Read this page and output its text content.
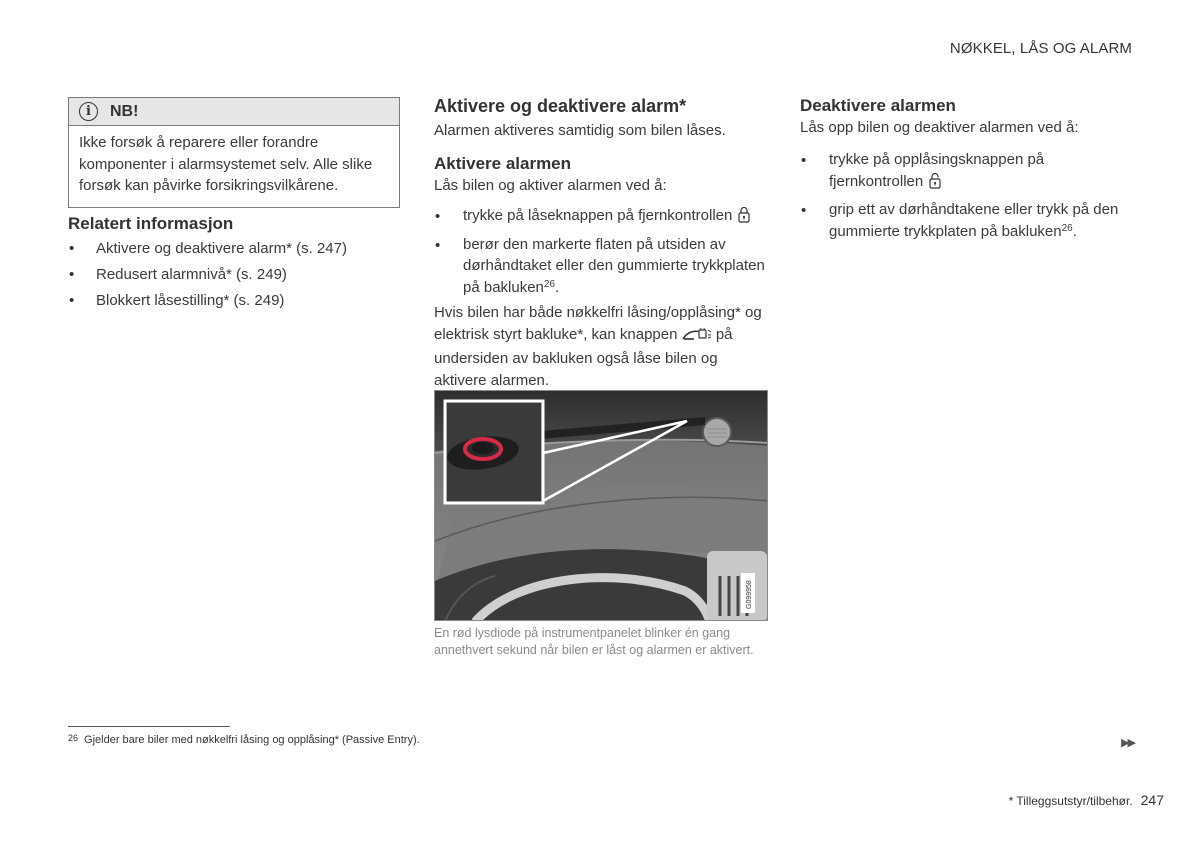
NØKKEL, LÅS OG ALARM
i	NB!
Ikke forsøk å reparere eller forandre komponenter i alarmsystemet selv. Alle slike forsøk kan påvirke forsikringsvilkårene.
Relatert informasjon
• Aktivere og deaktivere alarm* (s. 247)
• Redusert alarmnivå* (s. 249)
• Blokkert låsestilling* (s. 249)
Aktivere og deaktivere alarm*
Alarmen aktiveres samtidig som bilen låses.
Aktivere alarmen
Lås bilen og aktiver alarmen ved å:
• trykke på låseknappen på fjernkontrollen
• berør den markerte flaten på utsiden av dørhåndtaket eller den gummierte trykkplaten på bakluken$^{26}$.
Hvis bilen har både nøkkelfri låsing/opplåsing* og elektrisk styrt bakluke*, kan knappen	på undersiden av bakluken også låse bilen og aktivere alarmen.
G099958
En rød lysdiode på instrumentpanelet blinker én gang annethvert sekund når bilen er låst og alarmen er aktivert.
Deaktivere alarmen
Lås opp bilen og deaktiver alarmen ved å:
• trykke på opplåsingsknappen på fjernkontrollen
• grip ett av dørhåndtakene eller trykk på den gummierte trykkplaten på bakluken$^{26}$.
26 Gjelder bare biler med nøkkelfri låsing og opplåsing* (Passive Entry).	▶▶
* Tilleggsutstyr/tilbehør. 247
